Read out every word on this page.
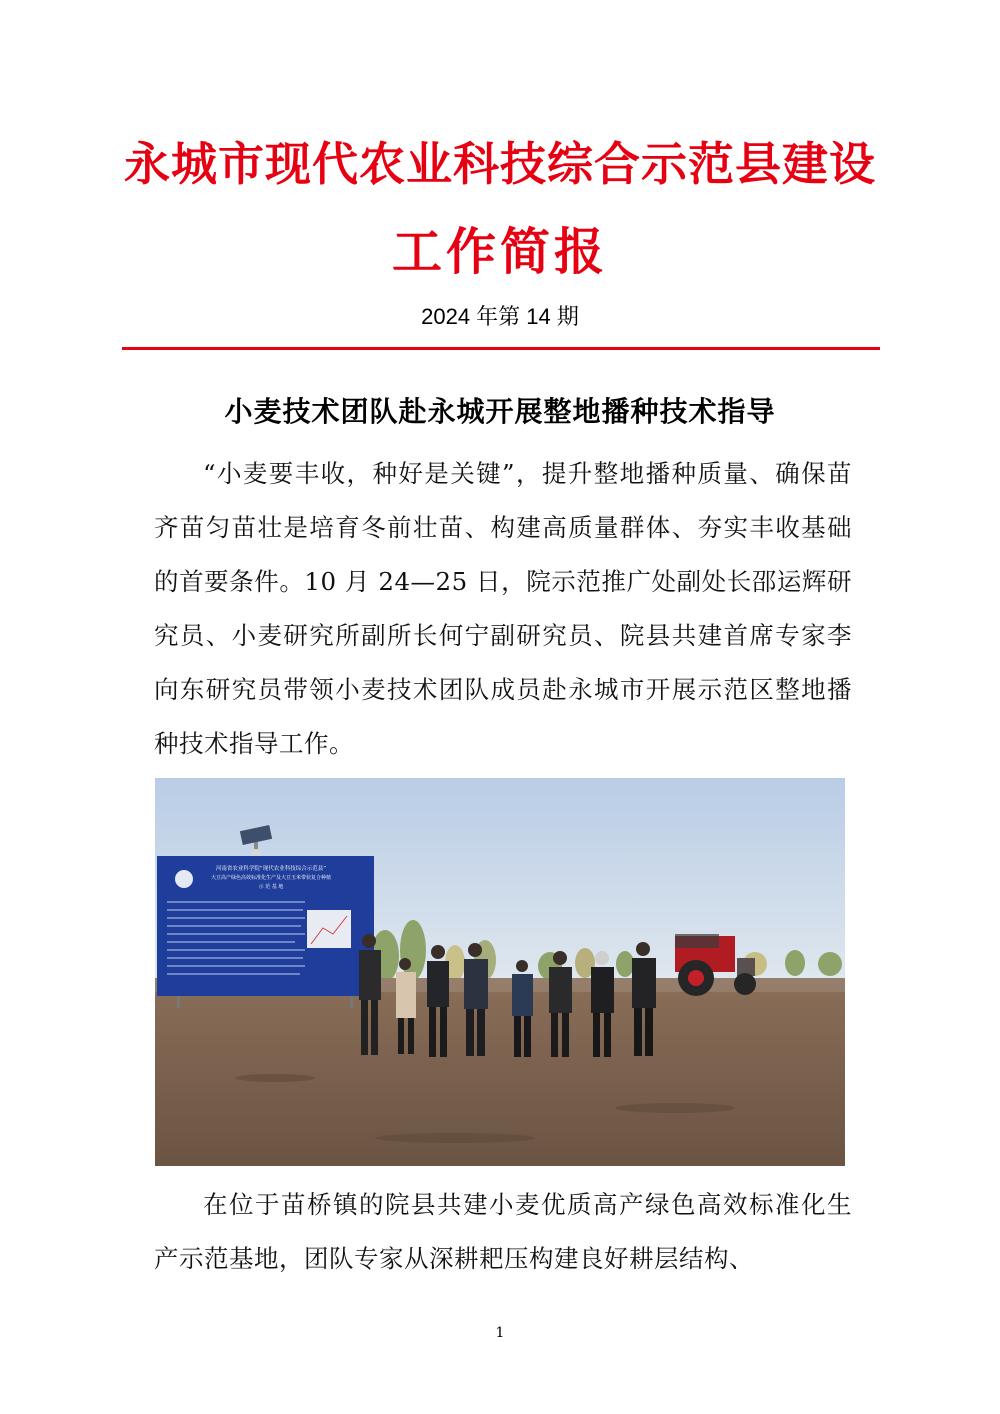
永城市现代农业科技综合示范县建设
工作简报
2024 年第 14 期
小麦技术团队赴永城开展整地播种技术指导

“小麦要丰收，种好是关键”，提升整地播种质量、确保苗齐苗匀苗壮是培育冬前壮苗、构建高质量群体、夯实丰收基础的首要条件。10 月 24—25 日，院示范推广处副处长邵运辉研究员、小麦研究所副所长何宁副研究员、院县共建首席专家李向东研究员带领小麦技术团队成员赴永城市开展示范区整地播种技术指导工作。

河南省农业科学院“现代农业科技综合示范县”
大豆高产绿色高效标准化生产及大豆玉米带状复合种植
示 范 基 地

在位于苗桥镇的院县共建小麦优质高产绿色高效标准化生产示范基地，团队专家从深耕耙压构建良好耕层结构、

1
